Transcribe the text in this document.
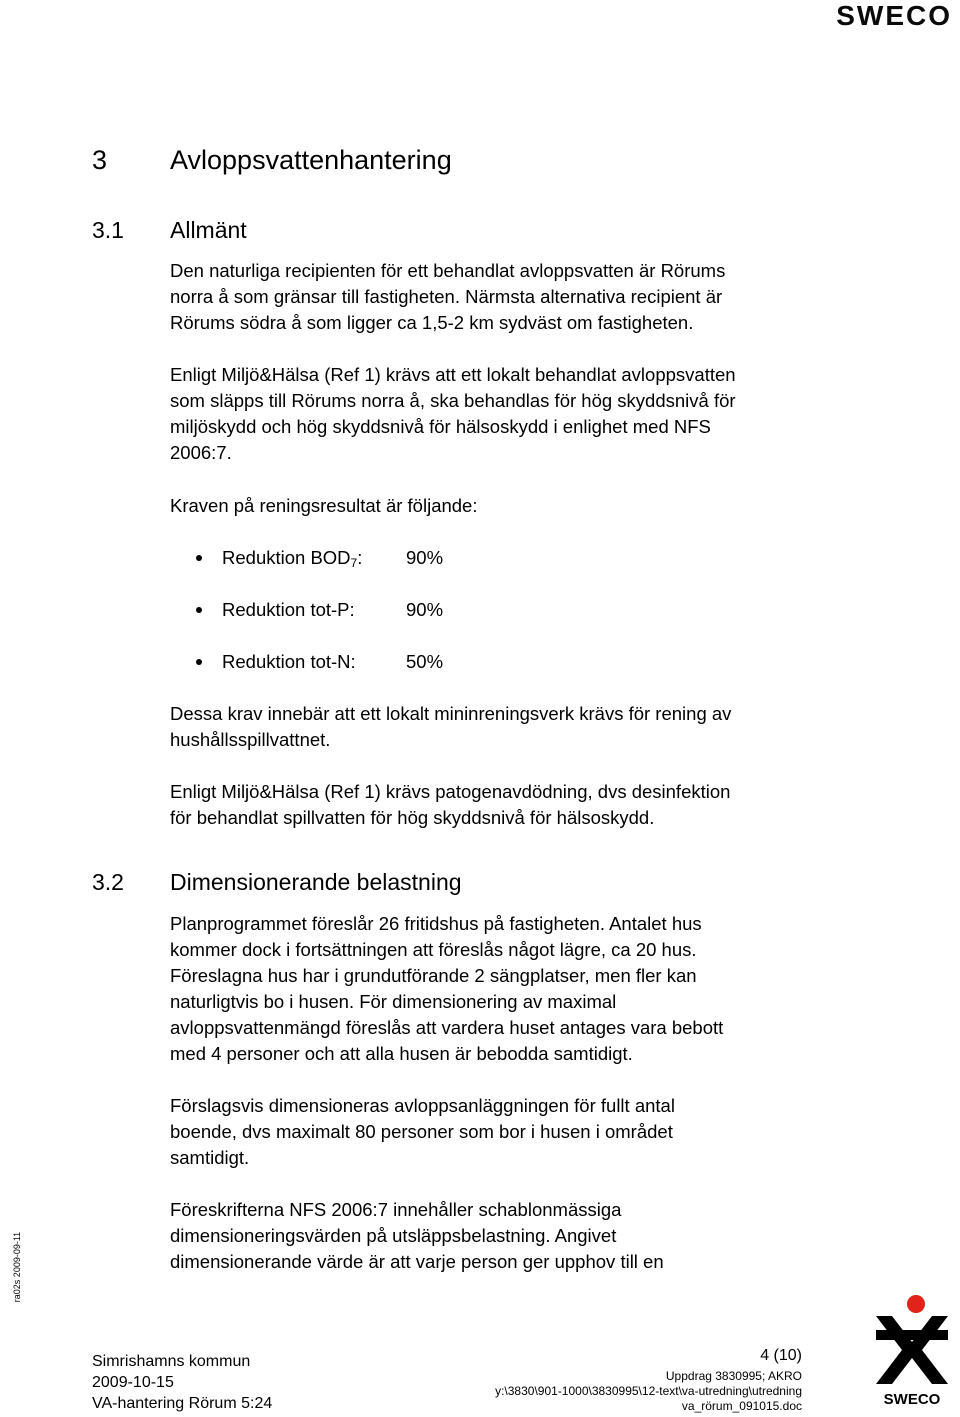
SWECO
3 Avloppsvattenhantering
3.1 Allmänt
Den naturliga recipienten för ett behandlat avloppsvatten är Rörums
norra å som gränsar till fastigheten. Närmsta alternativa recipient är
Rörums södra å som ligger ca 1,5-2 km sydväst om fastigheten.
Enligt Miljö&Hälsa (Ref 1) krävs att ett lokalt behandlat avloppsvatten
som släpps till Rörums norra å, ska behandlas för hög skyddsnivå för
miljöskydd och hög skyddsnivå för hälsoskydd i enlighet med NFS
2006:7.
Kraven på reningsresultat är följande:
Reduktion $BOD_7$: 90%
Reduktion tot-P:	90%
Reduktion tot-N:	50%
Dessa krav innebär att ett lokalt mininreningsverk krävs för rening av
hushållsspillvattnet.
Enligt Miljö&Hälsa (Ref 1) krävs patogenavdödning, dvs desinfektion
för behandlat spillvatten för hög skyddsnivå för hälsoskydd.
3.2 Dimensionerande belastning
Planprogrammet föreslår 26 fritidshus på fastigheten. Antalet hus
kommer dock i fortsättningen att föreslås något lägre, ca 20 hus.
Föreslagna hus har i grundutförande 2 sängplatser, men fler kan
naturligtvis bo i husen. För dimensionering av maximal
avloppsvattenmängd föreslås att vardera huset antages vara bebott
med 4 personer och att alla husen är bebodda samtidigt.
Förslagsvis dimensioneras avloppsanläggningen för fullt antal
boende, dvs maximalt 80 personer som bor i husen i området
samtidigt.
Föreskrifterna NFS 2006:7 innehåller schablonmässiga
dimensioneringsvärden på utsläppsbelastning. Angivet
dimensionerande värde är att varje person ger upphov till en
ra02s 2009-09-11
Simrishamns kommun
2009-10-15
VA-hantering Rörum 5:24
4 (10)
Uppdrag 3830995; AKRO
y:\3830\901-1000\3830995\12-text\va-utredning\utredning
va_rörum_091015.doc	SWECO
